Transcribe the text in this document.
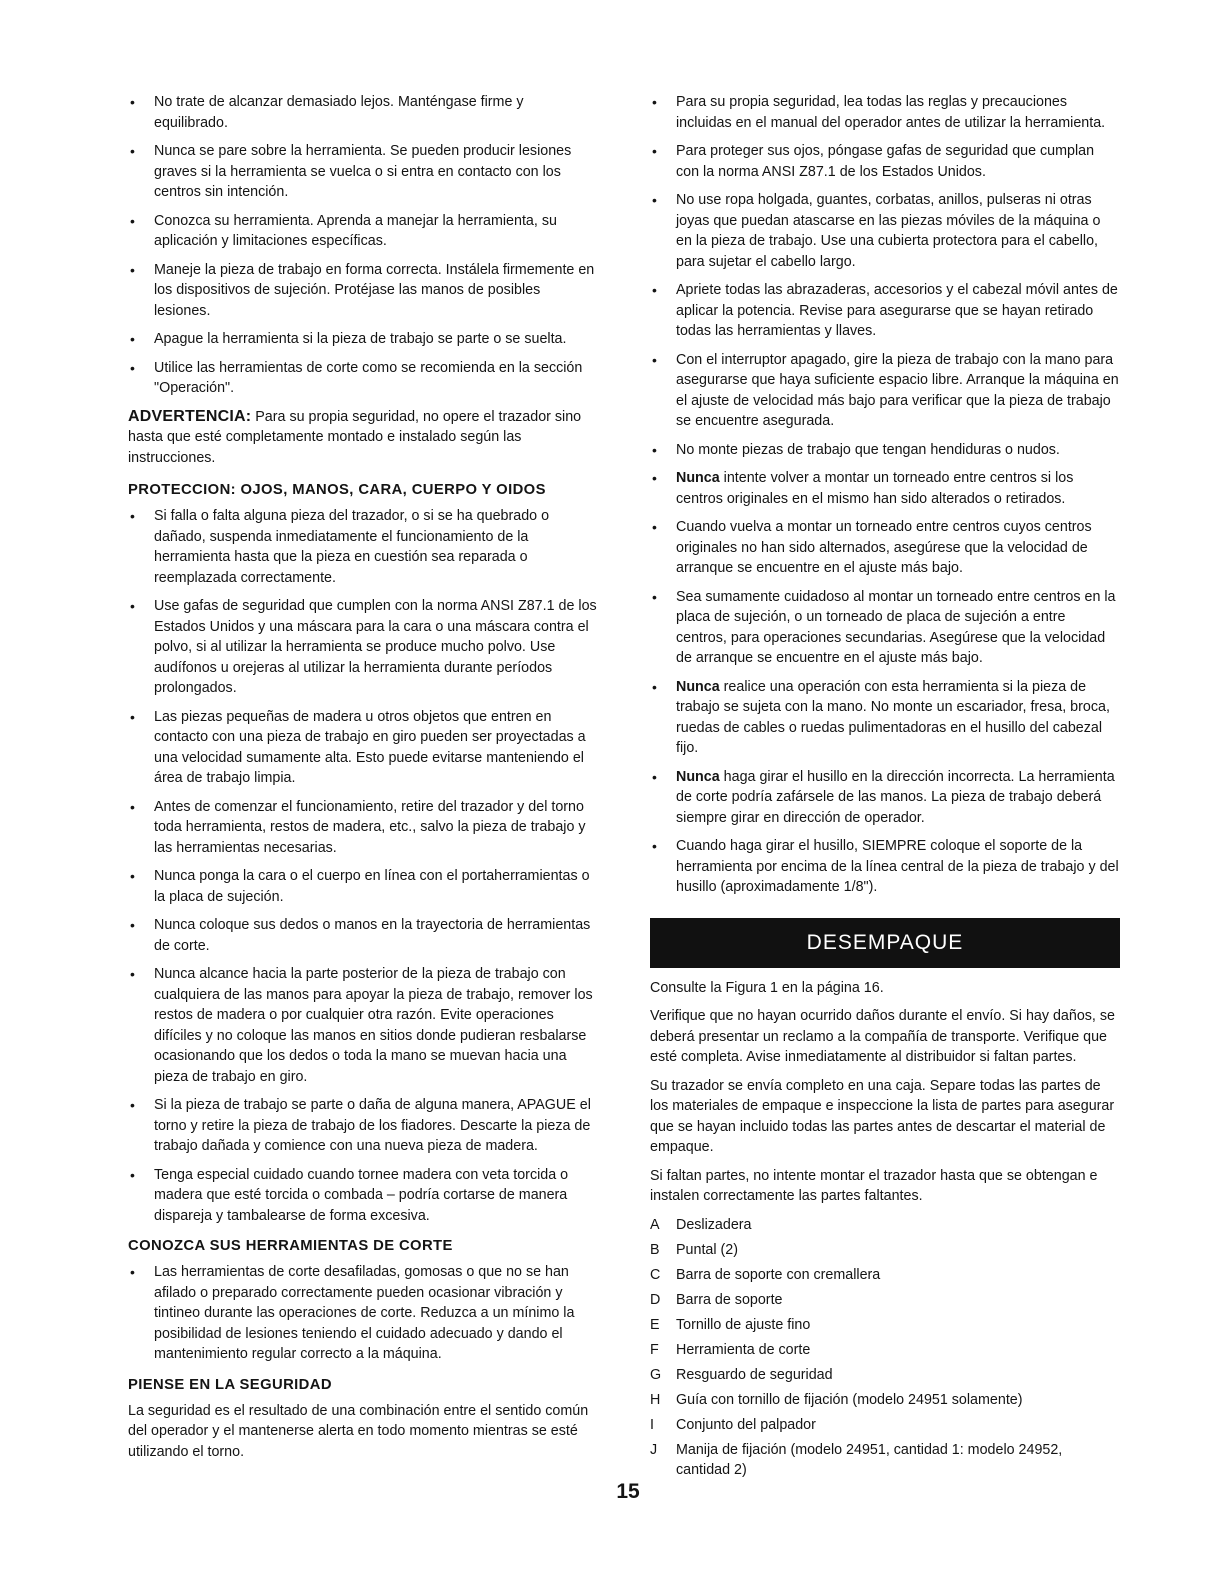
• No trate de alcanzar demasiado lejos. Manténgase firme y equilibrado.
• Nunca se pare sobre la herramienta. Se pueden producir lesiones graves si la herramienta se vuelca o si entra en contacto con los centros sin intención.
• Conozca su herramienta. Aprenda a manejar la herramienta, su aplicación y limitaciones específicas.
• Maneje la pieza de trabajo en forma correcta. Instálela firmemente en los dispositivos de sujeción. Protéjase las manos de posibles lesiones.
• Apague la herramienta si la pieza de trabajo se parte o se suelta.
• Utilice las herramientas de corte como se recomienda en la sección "Operación".

ADVERTENCIA: Para su propia seguridad, no opere el trazador sino hasta que esté completamente montado e instalado según las instrucciones.

PROTECCION: OJOS, MANOS, CARA, CUERPO Y OIDOS
• Si falla o falta alguna pieza del trazador, o si se ha quebrado o dañado, suspenda inmediatamente el funcionamiento de la herramienta hasta que la pieza en cuestión sea reparada o reemplazada correctamente.
• Use gafas de seguridad que cumplen con la norma ANSI Z87.1 de los Estados Unidos y una máscara para la cara o una máscara contra el polvo, si al utilizar la herramienta se produce mucho polvo. Use audífonos u orejeras al utilizar la herramienta durante períodos prolongados.
• Las piezas pequeñas de madera u otros objetos que entren en contacto con una pieza de trabajo en giro pueden ser proyectadas a una velocidad sumamente alta. Esto puede evitarse manteniendo el área de trabajo limpia.
• Antes de comenzar el funcionamiento, retire del trazador y del torno toda herramienta, restos de madera, etc., salvo la pieza de trabajo y las herramientas necesarias.
• Nunca ponga la cara o el cuerpo en línea con el portaherramientas o la placa de sujeción.
• Nunca coloque sus dedos o manos en la trayectoria de herramientas de corte.
• Nunca alcance hacia la parte posterior de la pieza de trabajo con cualquiera de las manos para apoyar la pieza de trabajo, remover los restos de madera o por cualquier otra razón. Evite operaciones difíciles y no coloque las manos en sitios donde pudieran resbalarse ocasionando que los dedos o toda la mano se muevan hacia una pieza de trabajo en giro.
• Si la pieza de trabajo se parte o daña de alguna manera, APAGUE el torno y retire la pieza de trabajo de los fiadores. Descarte la pieza de trabajo dañada y comience con una nueva pieza de madera.
• Tenga especial cuidado cuando tornee madera con veta torcida o madera que esté torcida o combada – podría cortarse de manera dispareja y tambalearse de forma excesiva.
CONOZCA SUS HERRAMIENTAS DE CORTE
• Las herramientas de corte desafiladas, gomosas o que no se han afilado o preparado correctamente pueden ocasionar vibración y tintineo durante las operaciones de corte. Reduzca a un mínimo la posibilidad de lesiones teniendo el cuidado adecuado y dando el mantenimiento regular correcto a la máquina.
PIENSE EN LA SEGURIDAD

La seguridad es el resultado de una combinación entre el sentido común del operador y el mantenerse alerta en todo momento mientras se esté utilizando el torno.

• Para su propia seguridad, lea todas las reglas y precauciones incluidas en el manual del operador antes de utilizar la herramienta.
• Para proteger sus ojos, póngase gafas de seguridad que cumplan con la norma ANSI Z87.1 de los Estados Unidos.
• No use ropa holgada, guantes, corbatas, anillos, pulseras ni otras joyas que puedan atascarse en las piezas móviles de la máquina o en la pieza de trabajo. Use una cubierta protectora para el cabello, para sujetar el cabello largo.
• Apriete todas las abrazaderas, accesorios y el cabezal móvil antes de aplicar la potencia. Revise para asegurarse que se hayan retirado todas las herramientas y llaves.
• Con el interruptor apagado, gire la pieza de trabajo con la mano para asegurarse que haya suficiente espacio libre. Arranque la máquina en el ajuste de velocidad más bajo para verificar que la pieza de trabajo se encuentre asegurada.
• No monte piezas de trabajo que tengan hendiduras o nudos.
• Nunca intente volver a montar un torneado entre centros si los centros originales en el mismo han sido alterados o retirados.
• Cuando vuelva a montar un torneado entre centros cuyos centros originales no han sido alternados, asegúrese que la velocidad de arranque se encuentre en el ajuste más bajo.
• Sea sumamente cuidadoso al montar un torneado entre centros en la placa de sujeción, o un torneado de placa de sujeción a entre centros, para operaciones secundarias. Asegúrese que la velocidad de arranque se encuentre en el ajuste más bajo.
• Nunca realice una operación con esta herramienta si la pieza de trabajo se sujeta con la mano. No monte un escariador, fresa, broca, ruedas de cables o ruedas pulimentadoras en el husillo del cabezal fijo.
• Nunca haga girar el husillo en la dirección incorrecta. La herramienta de corte podría zafársele de las manos. La pieza de trabajo deberá siempre girar en dirección de operador.
• Cuando haga girar el husillo, SIEMPRE coloque el soporte de la herramienta por encima de la línea central de la pieza de trabajo y del husillo (aproximadamente 1/8").
DESEMPAQUE

Consulte la Figura 1 en la página 16.

Verifique que no hayan ocurrido daños durante el envío. Si hay daños, se deberá presentar un reclamo a la compañía de transporte. Verifique que esté completa. Avise inmediatamente al distribuidor si faltan partes.

Su trazador se envía completo en una caja. Separe todas las partes de los materiales de empaque e inspeccione la lista de partes para asegurar que se hayan incluido todas las partes antes de descartar el material de empaque.

Si faltan partes, no intente montar el trazador hasta que se obtengan e instalen correctamente las partes faltantes.

A Deslizadera
B Puntal (2)
C Barra de soporte con cremallera
D Barra de soporte
E Tornillo de ajuste fino
F Herramienta de corte
G Resguardo de seguridad
H Guía con tornillo de fijación (modelo 24951 solamente)
I Conjunto del palpador
J Manija de fijación (modelo 24951, cantidad 1: modelo 24952, cantidad 2)
15
